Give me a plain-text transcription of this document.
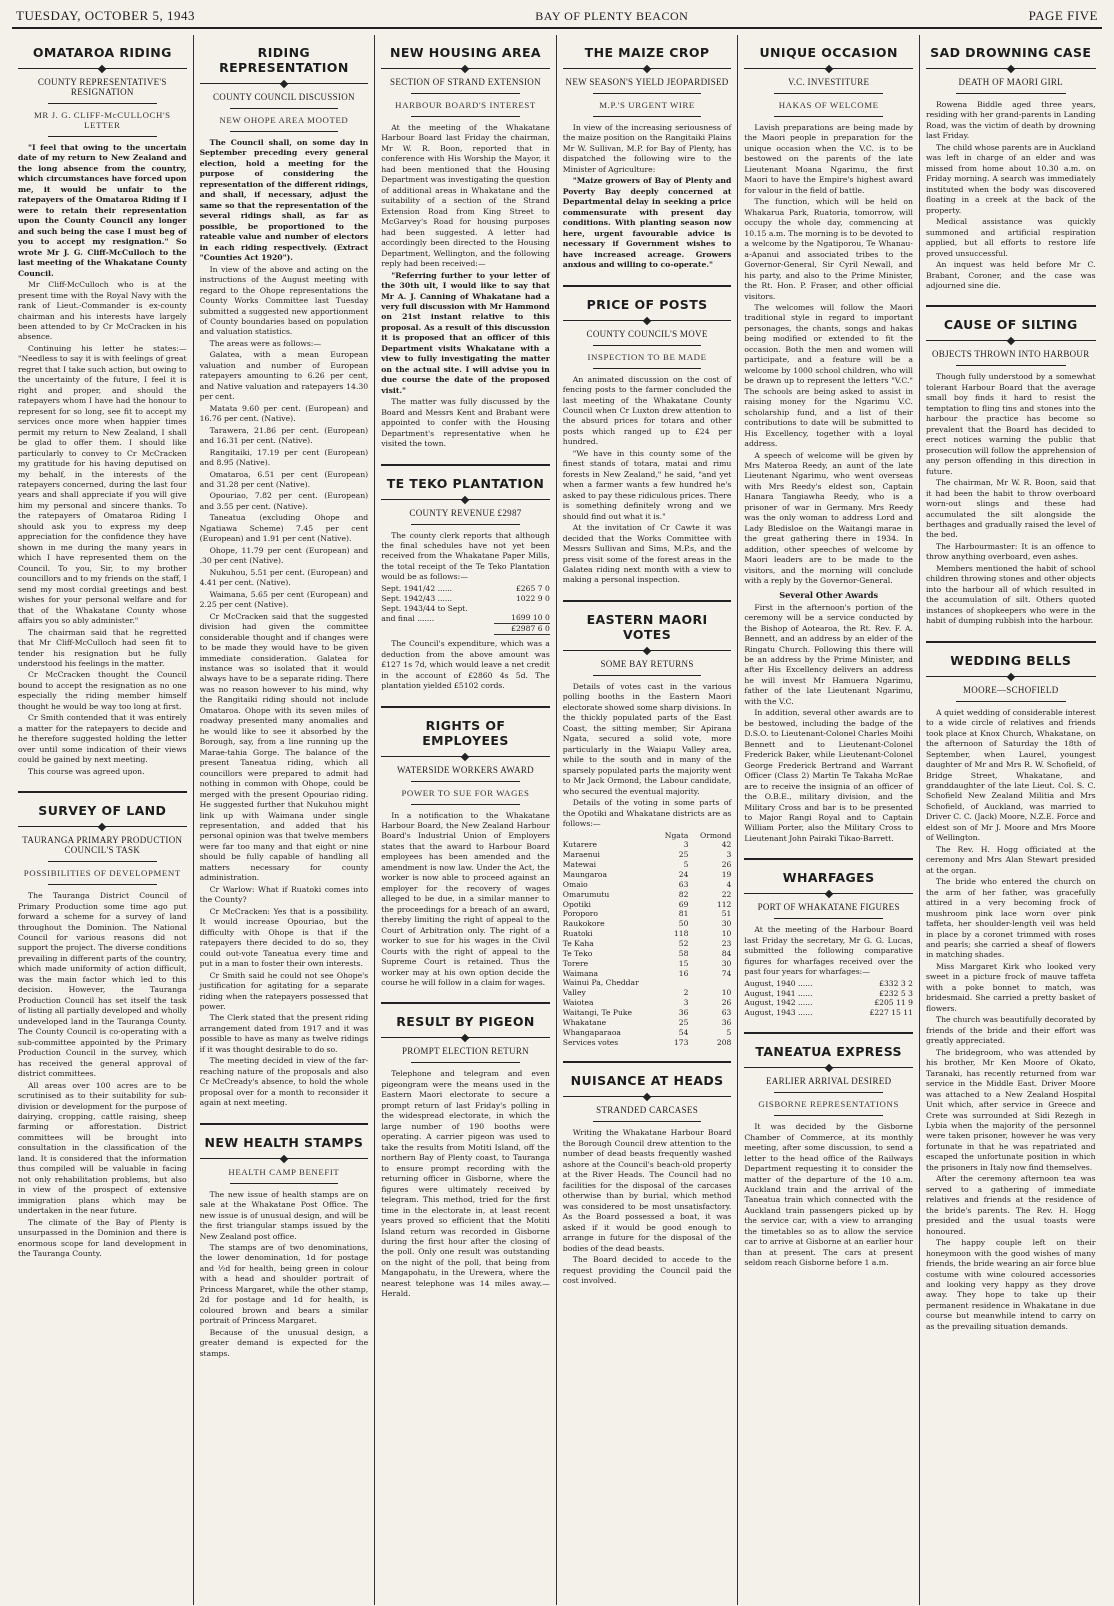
TUESDAY, OCTOBER 5, 1943	BAY OF PLENTY BEACON	PAGE FIVE
OMATAROA RIDING
COUNTY REPRESENTATIVE'S RESIGNATION
MR J. G. CLIFF-McCULLOCH'S LETTER

"I feel that owing to the uncertain date of my return to New Zealand and the long absence from the country, which circumstances have forced upon me, it would be unfair to the ratepayers of the Omataroa Riding if I were to retain their representation upon the County Council any longer and such being the case I must beg of you to accept my resignation." So wrote Mr J. G. Cliff-McCulloch to the last meeting of the Whakatane County Council.

Mr Cliff-McCulloch who is at the present time with the Royal Navy with the rank of Lieut.-Commander is ex-county chairman and his interests have largely been attended to by Cr McCracken in his absence.

Continuing his letter he states:— "Needless to say it is with feelings of great regret that I take such action, but owing to the uncertainty of the future, I feel it is right and proper, and should the ratepayers whom I have had the honour to represent for so long, see fit to accept my services once more when happier times permit my return to New Zealand, I shall be glad to offer them. I should like particularly to convey to Cr McCracken my gratitude for his having deputised on my behalf, in the interests of the ratepayers concerned, during the last four years and shall appreciate if you will give him my personal and sincere thanks. To the ratepayers of Omataroa Riding I should ask you to express my deep appreciation for the confidence they have shown in me during the many years in which I have represented them on the Council. To you, Sir, to my brother councillors and to my friends on the staff, I send my most cordial greetings and best wishes for your personal welfare and for that of the Whakatane County whose affairs you so ably administer."

The chairman said that he regretted that Mr Cliff-McCulloch had seen fit to tender his resignation but he fully understood his feelings in the matter.

Cr McCracken thought the Council bound to accept the resignation as no one especially the riding member himself thought he would be way too long at first.

Cr Smith contended that it was entirely a matter for the ratepayers to decide and he therefore suggested holding the letter over until some indication of their views could be gained by next meeting.

This course was agreed upon.

SURVEY OF LAND
TAURANGA PRIMARY PRODUCTION COUNCIL'S TASK
POSSIBILITIES OF DEVELOPMENT

The Tauranga District Council of Primary Production some time ago put forward a scheme for a survey of land throughout the Dominion. The National Council for various reasons did not support the project. The diverse conditions prevailing in different parts of the country, which made uniformity of action difficult, was the main factor which led to this decision. However, the Tauranga Production Council has set itself the task of listing all partially developed and wholly undeveloped land in the Tauranga County. The County Council is co-operating with a sub-committee appointed by the Primary Production Council in the survey, which has received the general approval of district committees.

All areas over 100 acres are to be scrutinised as to their suitability for sub-division or development for the purpose of dairying, cropping, cattle raising, sheep farming or afforestation. District committees will be brought into consultation in the classification of the land. It is considered that the information thus compiled will be valuable in facing not only rehabilitation problems, but also in view of the prospect of extensive immigration plans which may be undertaken in the near future.

The climate of the Bay of Plenty is unsurpassed in the Dominion and there is enormous scope for land development in the Tauranga County.

RIDING REPRESENTATION
COUNTY COUNCIL DISCUSSION
NEW OHOPE AREA MOOTED

The Council shall, on some day in September preceding every general election, hold a meeting for the purpose of considering the representation of the different ridings, and shall, if necessary, adjust the same so that the representation of the several ridings shall, as far as possible, be proportioned to the rateable value and number of electors in each riding respectively. (Extract "Counties Act 1920").

In view of the above and acting on the instructions of the August meeting with regard to the Ohope representations the County Works Committee last Tuesday submitted a suggested new apportionment of County boundaries based on population and valuation statistics.

The areas were as follows:—

Galatea, with a mean European valuation and number of European ratepayers amounting to 6.26 per cent, and Native valuation and ratepayers 14.30 per cent.

Matata 9.60 per cent. (European) and 16.76 per cent. (Native).

Tarawera, 21.86 per cent. (European) and 16.31 per cent. (Native).

Rangitaiki, 17.19 per cent (European) and 8.95 (Native).

Omataroa, 6.51 per cent (European) and 31.28 per cent (Native).

Opouriao, 7.82 per cent. (European) and 3.55 per cent. (Native).

Taneatua (excluding Ohope and Ngatiawa Scheme) 7.45 per cent (European) and 1.91 per cent (Native).

Ohope, 11.79 per cent (European) and .30 per cent (Native).

Nukuhou, 5.51 per cent. (European) and 4.41 per cent. (Native).

Waimana, 5.65 per cent (European) and 2.25 per cent (Native).

Cr McCracken said that the suggested division had given the committee considerable thought and if changes were to be made they would have to be given immediate consideration. Galatea for instance was so isolated that it would always have to be a separate riding. There was no reason however to his mind, why the Rangitaiki riding should not include Omataroa. Ohope with its seven miles of roadway presented many anomalies and he would like to see it absorbed by the Borough, say, from a line running up the Marae-tahia Gorge. The balance of the present Taneatua riding, which all councillors were prepared to admit had nothing in common with Ohope, could be merged with the present Opouriao riding. He suggested further that Nukuhou might link up with Waimana under single representation, and added that his personal opinion was that twelve members were far too many and that eight or nine should be fully capable of handling all matters necessary for county administration.

Cr Warlow: What if Ruatoki comes into the County?

Cr McCracken: Yes that is a possibility. It would increase Opouriao, but the difficulty with Ohope is that if the ratepayers there decided to do so, they could out-vote Taneatua every time and put in a man to foster their own interests.

Cr Smith said he could not see Ohope's justification for agitating for a separate riding when the ratepayers possessed that power.

The Clerk stated that the present riding arrangement dated from 1917 and it was possible to have as many as twelve ridings if it was thought desirable to do so.

The meeting decided in view of the far-reaching nature of the proposals and also Cr McCready's absence, to hold the whole proposal over for a month to reconsider it again at next meeting.

NEW HEALTH STAMPS
HEALTH CAMP BENEFIT

The new issue of health stamps are on sale at the Whakatane Post Office. The new issue is of unusual design, and will be the first triangular stamps issued by the New Zealand post office.

The stamps are of two denominations, the lower denomination, 1d for postage and ½d for health, being green in colour with a head and shoulder portrait of Princess Margaret, while the other stamp, 2d for postage and 1d for health, is coloured brown and bears a similar portrait of Princess Margaret.

Because of the unusual design, a greater demand is expected for the stamps.

NEW HOUSING AREA
SECTION OF STRAND EXTENSION
HARBOUR BOARD'S INTEREST

At the meeting of the Whakatane Harbour Board last Friday the chairman, Mr W. R. Boon, reported that in conference with His Worship the Mayor, it had been mentioned that the Housing Department was investigating the question of additional areas in Whakatane and the suitability of a section of the Strand Extension Road from King Street to McGarvey's Road for housing purposes had been suggested. A letter had accordingly been directed to the Housing Department, Wellington, and the following reply had been received:—

"Referring further to your letter of the 30th ult, I would like to say that Mr A. J. Canning of Whakatane had a very full discussion with Mr Hammond on 21st instant relative to this proposal. As a result of this discussion it is proposed that an officer of this Department visits Whakatane with a view to fully investigating the matter on the actual site. I will advise you in due course the date of the proposed visit."

The matter was fully discussed by the Board and Messrs Kent and Brabant were appointed to confer with the Housing Department's representative when he visited the town.

TE TEKO PLANTATION
COUNTY REVENUE £2987

The county clerk reports that although the final schedules have not yet been received from the Whakatane Paper Mills, the total receipt of the Te Teko Plantation would be as follows:—

Sept. 1941/42 ......	£265 7 0
Sept. 1942/43 ......	1022 9 0
Sept. 1943/44 to Sept.	
and final .......	1699 10 0
	£2987 6 0

The Council's expenditure, which was a deduction from the above amount was £127 1s 7d, which would leave a net credit in the account of £2860 4s 5d. The plantation yielded £5102 cords.

RIGHTS OF EMPLOYEES
WATERSIDE WORKERS AWARD
POWER TO SUE FOR WAGES

In a notification to the Whakatane Harbour Board, the New Zealand Harbour Board's Industrial Union of Employers states that the award to Harbour Board employees has been amended and the amendment is now law. Under the Act, the worker is now able to proceed against an employer for the recovery of wages alleged to be due, in a similar manner to the proceedings for a breach of an award, thereby limiting the right of appeal to the Court of Arbitration only. The right of a worker to sue for his wages in the Civil Courts with the right of appeal to the Supreme Court is retained. Thus the worker may at his own option decide the course he will follow in a claim for wages.

RESULT BY PIGEON
PROMPT ELECTION RETURN

Telephone and telegram and even pigeongram were the means used in the Eastern Maori electorate to secure a prompt return of last Friday's polling in the widespread electorate, in which the large number of 190 booths were operating. A carrier pigeon was used to take the results from Motiti Island, off the northern Bay of Plenty coast, to Tauranga to ensure prompt recording with the returning officer in Gisborne, where the figures were ultimately received by telegram. This method, tried for the first time in the electorate in, at least recent years proved so efficient that the Motiti Island return was recorded in Gisborne during the first hour after the closing of the poll. Only one result was outstanding on the night of the poll, that being from Mangapohatu, in the Urewera, where the nearest telephone was 14 miles away.—Herald.

THE MAIZE CROP
NEW SEASON'S YIELD JEOPARDISED
M.P.'S URGENT WIRE

In view of the increasing seriousness of the maize position on the Rangitaiki Plains Mr W. Sullivan, M.P. for Bay of Plenty, has dispatched the following wire to the Minister of Agriculture:

"Maize growers of Bay of Plenty and Poverty Bay deeply concerned at Departmental delay in seeking a price commensurate with present day conditions. With planting season now here, urgent favourable advice is necessary if Government wishes to have increased acreage. Growers anxious and willing to co-operate."

PRICE OF POSTS
COUNTY COUNCIL'S MOVE
INSPECTION TO BE MADE

An animated discussion on the cost of fencing posts to the farmer concluded the last meeting of the Whakatane County Council when Cr Luxton drew attention to the absurd prices for totara and other posts which ranged up to £24 per hundred.

"We have in this county some of the finest stands of totara, matai and rimu forests in New Zealand," he said, "and yet when a farmer wants a few hundred he's asked to pay these ridiculous prices. There is something definitely wrong and we should find out what it is."

At the invitation of Cr Cawte it was decided that the Works Committee with Messrs Sullivan and Sims, M.P.s, and the press visit some of the forest areas in the Galatea riding next month with a view to making a personal inspection.

EASTERN MAORI VOTES
SOME BAY RETURNS

Details of votes cast in the various polling booths in the Eastern Maori electorate showed some sharp divisions. In the thickly populated parts of the East Coast, the sitting member, Sir Apirana Ngata, secured a solid vote, more particularly in the Waiapu Valley area, while to the south and in many of the sparsely populated parts the majority went to Mr Jack Ormond, the Labour candidate, who secured the eventual majority.

Details of the voting in some parts of the Opotiki and Whakatane districts are as follows:—

	Ngata	Ormond
Kutarere	3	42
Maraenui	25	3
Matewai	5	26
Maungaroa	24	19
Omaio	63	4
Omarumutu	82	22
Opotiki	69	112
Poroporo	81	51
Raukokore	50	30
Ruatoki	118	10
Te Kaha	52	23
Te Teko	58	84
Torere	15	30
Waimana	16	74
Wainui Pa, Cheddar		
Valley	2	10
Waiotea	3	26
Waitangi, Te Puke	36	63
Whakatane	25	36
Whangaparaoa	54	5
Services votes	173	208
NUISANCE AT HEADS
STRANDED CARCASES

Writing the Whakatane Harbour Board the Borough Council drew attention to the number of dead beasts frequently washed ashore at the Council's beach-old property at the River Heads. The Council had no facilities for the disposal of the carcases otherwise than by burial, which method was considered to be most unsatisfactory. As the Board possessed a boat, it was asked if it would be good enough to arrange in future for the disposal of the bodies of the dead beasts.

The Board decided to accede to the request providing the Council paid the cost involved.

UNIQUE OCCASION
V.C. INVESTITURE
HAKAS OF WELCOME

Lavish preparations are being made by the Maori people in preparation for the unique occasion when the V.C. is to be bestowed on the parents of the late Lieutenant Moana Ngarimu, the first Maori to have the Empire's highest award for valour in the field of battle.

The function, which will be held on Whakarua Park, Ruatoria, tomorrow, will occupy the whole day, commencing at 10.15 a.m. The morning is to be devoted to a welcome by the Ngatiporou, Te Whanau-a-Apanui and associated tribes to the Governor-General, Sir Cyril Newall, and his party, and also to the Prime Minister, the Rt. Hon. P. Fraser, and other official visitors.

The welcomes will follow the Maori traditional style in regard to important personages, the chants, songs and hakas being modified or extended to fit the occasion. Both the men and women will participate, and a feature will be a welcome by 1000 school children, who will be drawn up to represent the letters "V.C." The schools are being asked to assist in raising money for the Ngarimu V.C. scholarship fund, and a list of their contributions to date will be submitted to His Excellency, together with a loyal address.

A speech of welcome will be given by Mrs Materoa Reedy, an aunt of the late Lieutenant Ngarimu, who went overseas with Mrs Reedy's eldest son, Captain Hanara Tangiawha Reedy, who is a prisoner of war in Germany. Mrs Reedy was the only woman to address Lord and Lady Bledisloe on the Waitangi marae in the great gathering there in 1934. In addition, other speeches of welcome by Maori leaders are to be made to the visitors, and the morning will conclude with a reply by the Governor-General.

Several Other Awards

First in the afternoon's portion of the ceremony will be a service conducted by the Bishop of Aotearoa, the Rt. Rev. F. A. Bennett, and an address by an elder of the Ringatu Church. Following this there will be an address by the Prime Minister, and after His Excellency delivers an address he will invest Mr Hamuera Ngarimu, father of the late Lieutenant Ngarimu, with the V.C.

In addition, several other awards are to be bestowed, including the badge of the D.S.O. to Lieutenant-Colonel Charles Moihi Bennett and to Lieutenant-Colonel Frederick Baker, while Lieutenant-Colonel George Frederick Bertrand and Warrant Officer (Class 2) Martin Te Takaha McRae are to receive the insignia of an officer of the O.B.E., military division, and the Military Cross and bar is to be presented to Major Rangi Royal and to Captain William Porter, also the Military Cross to Lieutenant John Pairaki Tikao-Barrett.

WHARFAGES
PORT OF WHAKATANE FIGURES

At the meeting of the Harbour Board last Friday the secretary, Mr G. G. Lucas, submitted the following comparative figures for wharfages received over the past four years for wharfages:—

August, 1940 ......	£332 3 2
August, 1941 ......	£232 5 3
August, 1942 ......	£205 11 9
August, 1943 ......	£227 15 11
TANEATUA EXPRESS
EARLIER ARRIVAL DESIRED
GISBORNE REPRESENTATIONS

It was decided by the Gisborne Chamber of Commerce, at its monthly meeting, after some discussion, to send a letter to the head office of the Railways Department requesting it to consider the matter of the departure of the 10 a.m. Auckland train and the arrival of the Taneatua train which connected with the Auckland train passengers picked up by the service car, with a view to arranging the timetables so as to allow the service car to arrive at Gisborne at an earlier hour than at present. The cars at present seldom reach Gisborne before 1 a.m.

SAD DROWNING CASE
DEATH OF MAORI GIRL

Rowena Biddle aged three years, residing with her grand-parents in Landing Road, was the victim of death by drowning last Friday.

The child whose parents are in Auckland was left in charge of an elder and was missed from home about 10.30 a.m. on Friday morning. A search was immediately instituted when the body was discovered floating in a creek at the back of the property.

Medical assistance was quickly summoned and artificial respiration applied, but all efforts to restore life proved unsuccessful.

An inquest was held before Mr C. Brabant, Coroner, and the case was adjourned sine die.

CAUSE OF SILTING
OBJECTS THROWN INTO HARBOUR

Though fully understood by a somewhat tolerant Harbour Board that the average small boy finds it hard to resist the temptation to fling tins and stones into the harbour the practice has become so prevalent that the Board has decided to erect notices warning the public that prosecution will follow the apprehension of any person offending in this direction in future.

The chairman, Mr W. R. Boon, said that it had been the habit to throw overboard worn-out slings and these had accumulated the silt alongside the berthages and gradually raised the level of the bed.

The Harbourmaster: It is an offence to throw anything overboard, even ashes.

Members mentioned the habit of school children throwing stones and other objects into the harbour all of which resulted in the accumulation of silt. Others quoted instances of shopkeepers who were in the habit of dumping rubbish into the harbour.

WEDDING BELLS
MOORE—SCHOFIELD

A quiet wedding of considerable interest to a wide circle of relatives and friends took place at Knox Church, Whakatane, on the afternoon of Saturday the 18th of September, when Laurel, youngest daughter of Mr and Mrs R. W. Schofield, of Bridge Street, Whakatane, and granddaughter of the late Lieut. Col. S. C. Schofield New Zealand Militia and Mrs Schofield, of Auckland, was married to Driver C. C. (Jack) Moore, N.Z.E. Force and eldest son of Mr J. Moore and Mrs Moore of Wellington.

The Rev. H. Hogg officiated at the ceremony and Mrs Alan Stewart presided at the organ.

The bride who entered the church on the arm of her father, was gracefully attired in a very becoming frock of mushroom pink lace worn over pink taffeta, her shoulder-length veil was held in place by a coronet trimmed with roses and pearls; she carried a sheaf of flowers in matching shades.

Miss Margaret Kirk who looked very sweet in a picture frock of mauve taffeta with a poke bonnet to match, was bridesmaid. She carried a pretty basket of flowers.

The church was beautifully decorated by friends of the bride and their effort was greatly appreciated.

The bridegroom, who was attended by his brother, Mr Ken Moore of Okato, Taranaki, has recently returned from war service in the Middle East. Driver Moore was attached to a New Zealand Hospital Unit which, after service in Greece and Crete was surrounded at Sidi Rezegh in Lybia when the majority of the personnel were taken prisoner, however he was very fortunate in that he was repatriated and escaped the unfortunate position in which the prisoners in Italy now find themselves.

After the ceremony afternoon tea was served to a gathering of immediate relatives and friends at the residence of the bride's parents. The Rev. H. Hogg presided and the usual toasts were honoured.

The happy couple left on their honeymoon with the good wishes of many friends, the bride wearing an air force blue costume with wine coloured accessories and looking very happy as they drove away. They hope to take up their permanent residence in Whakatane in due course but meanwhile intend to carry on as the prevailing situation demands.
